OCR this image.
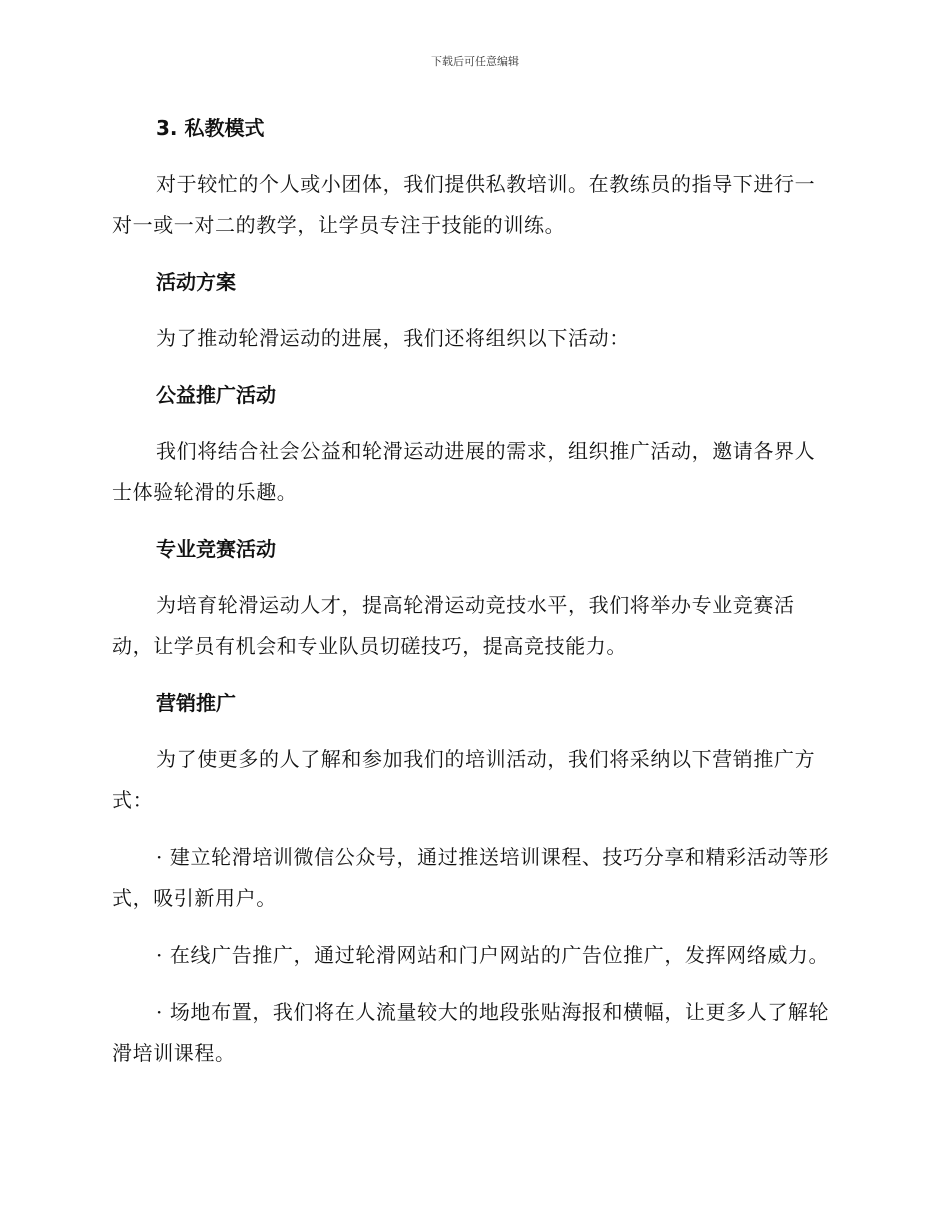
下载后可任意编辑
3. 私教模式

对于较忙的个人或小团体，我们提供私教培训。在教练员的指导下进行一对一或一对二的教学，让学员专注于技能的训练。

活动方案

为了推动轮滑运动的进展，我们还将组织以下活动：

公益推广活动

我们将结合社会公益和轮滑运动进展的需求，组织推广活动，邀请各界人士体验轮滑的乐趣。

专业竞赛活动

为培育轮滑运动人才，提高轮滑运动竞技水平，我们将举办专业竞赛活动，让学员有机会和专业队员切磋技巧，提高竞技能力。

营销推广

为了使更多的人了解和参加我们的培训活动，我们将采纳以下营销推广方式：

· 建立轮滑培训微信公众号，通过推送培训课程、技巧分享和精彩活动等形式，吸引新用户。

· 在线广告推广，通过轮滑网站和门户网站的广告位推广，发挥网络威力。

· 场地布置，我们将在人流量较大的地段张贴海报和横幅，让更多人了解轮滑培训课程。
